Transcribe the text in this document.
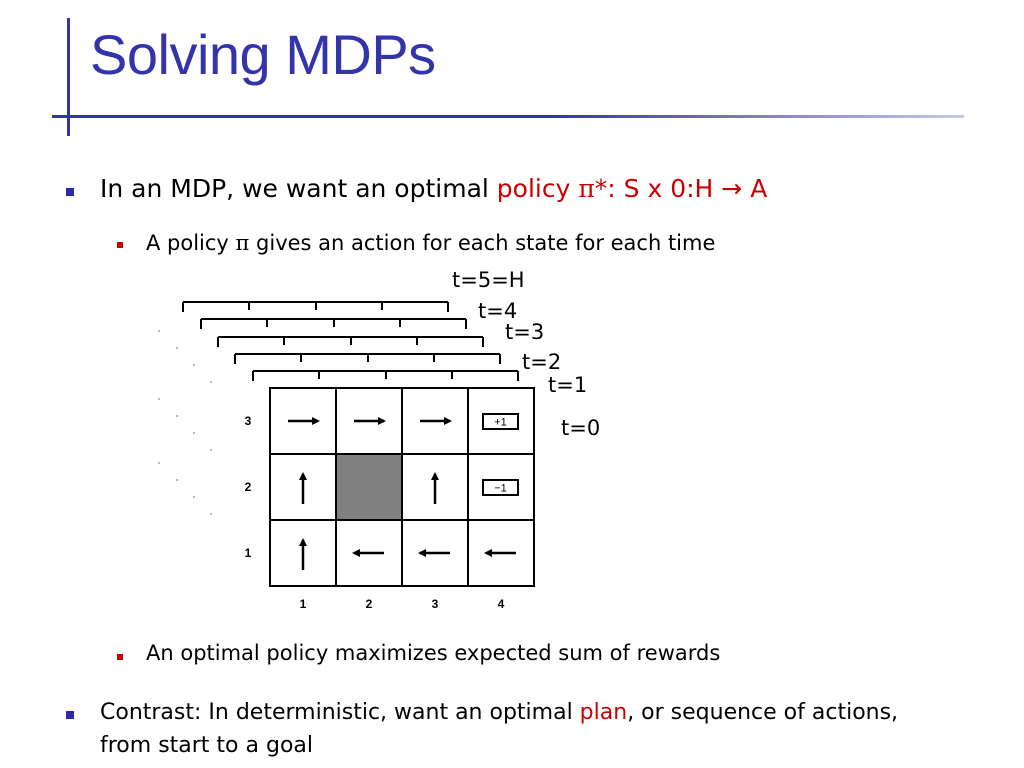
Solving MDPs
In an MDP, we want an optimal policy π*: S x 0:H → A
A policy π gives an action for each state for each time
t=5=H
t=4
t=3
t=2
t=1
t=0
+1
−1
3
2
1
1	2	3	4
An optimal policy maximizes expected sum of rewards
Contrast: In deterministic, want an optimal plan, or sequence of actions,
from start to a goal
